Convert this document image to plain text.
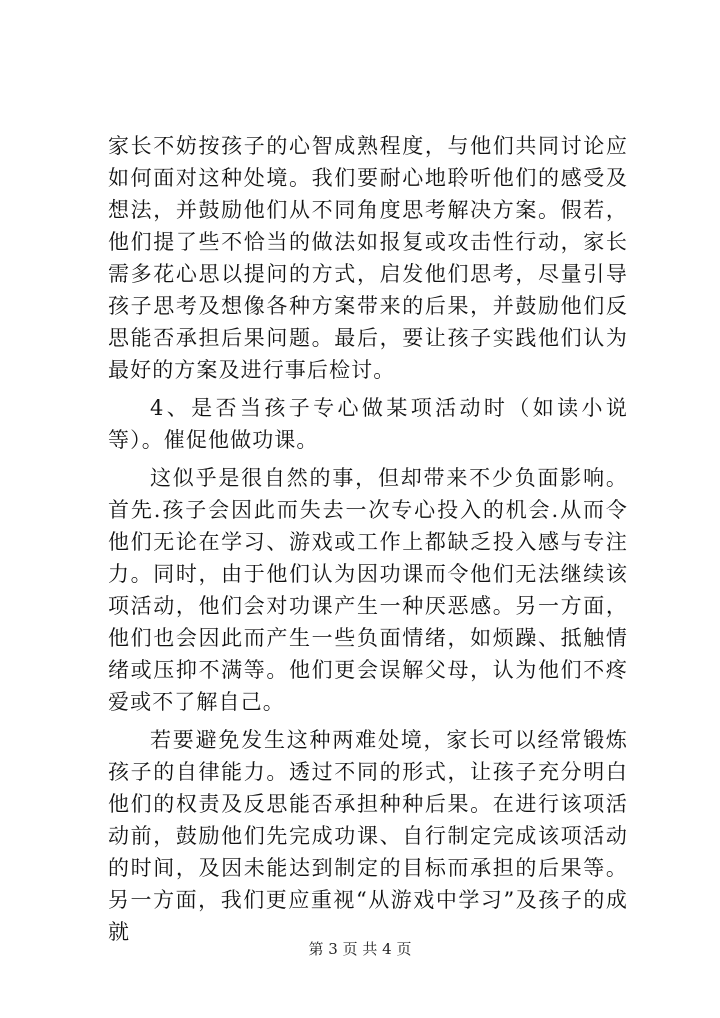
家长不妨按孩子的心智成熟程度，与他们共同讨论应如何面对这种处境。我们要耐心地聆听他们的感受及想法，并鼓励他们从不同角度思考解决方案。假若，他们提了些不恰当的做法如报复或攻击性行动，家长需多花心思以提问的方式，启发他们思考，尽量引导孩子思考及想像各种方案带来的后果，并鼓励他们反思能否承担后果问题。最后，要让孩子实践他们认为最好的方案及进行事后检讨。

4、是否当孩子专心做某项活动时（如读小说等）。催促他做功课。

这似乎是很自然的事，但却带来不少负面影响。首先.孩子会因此而失去一次专心投入的机会.从而令他们无论在学习、游戏或工作上都缺乏投入感与专注力。同时，由于他们认为因功课而令他们无法继续该项活动，他们会对功课产生一种厌恶感。另一方面，他们也会因此而产生一些负面情绪，如烦躁、抵触情绪或压抑不满等。他们更会误解父母，认为他们不疼爱或不了解自己。

若要避免发生这种两难处境，家长可以经常锻炼孩子的自律能力。透过不同的形式，让孩子充分明白他们的权责及反思能否承担种种后果。在进行该项活动前，鼓励他们先完成功课、自行制定完成该项活动的时间，及因未能达到制定的目标而承担的后果等。另一方面，我们更应重视“从游戏中学习”及孩子的成就

第 3 页 共 4 页
